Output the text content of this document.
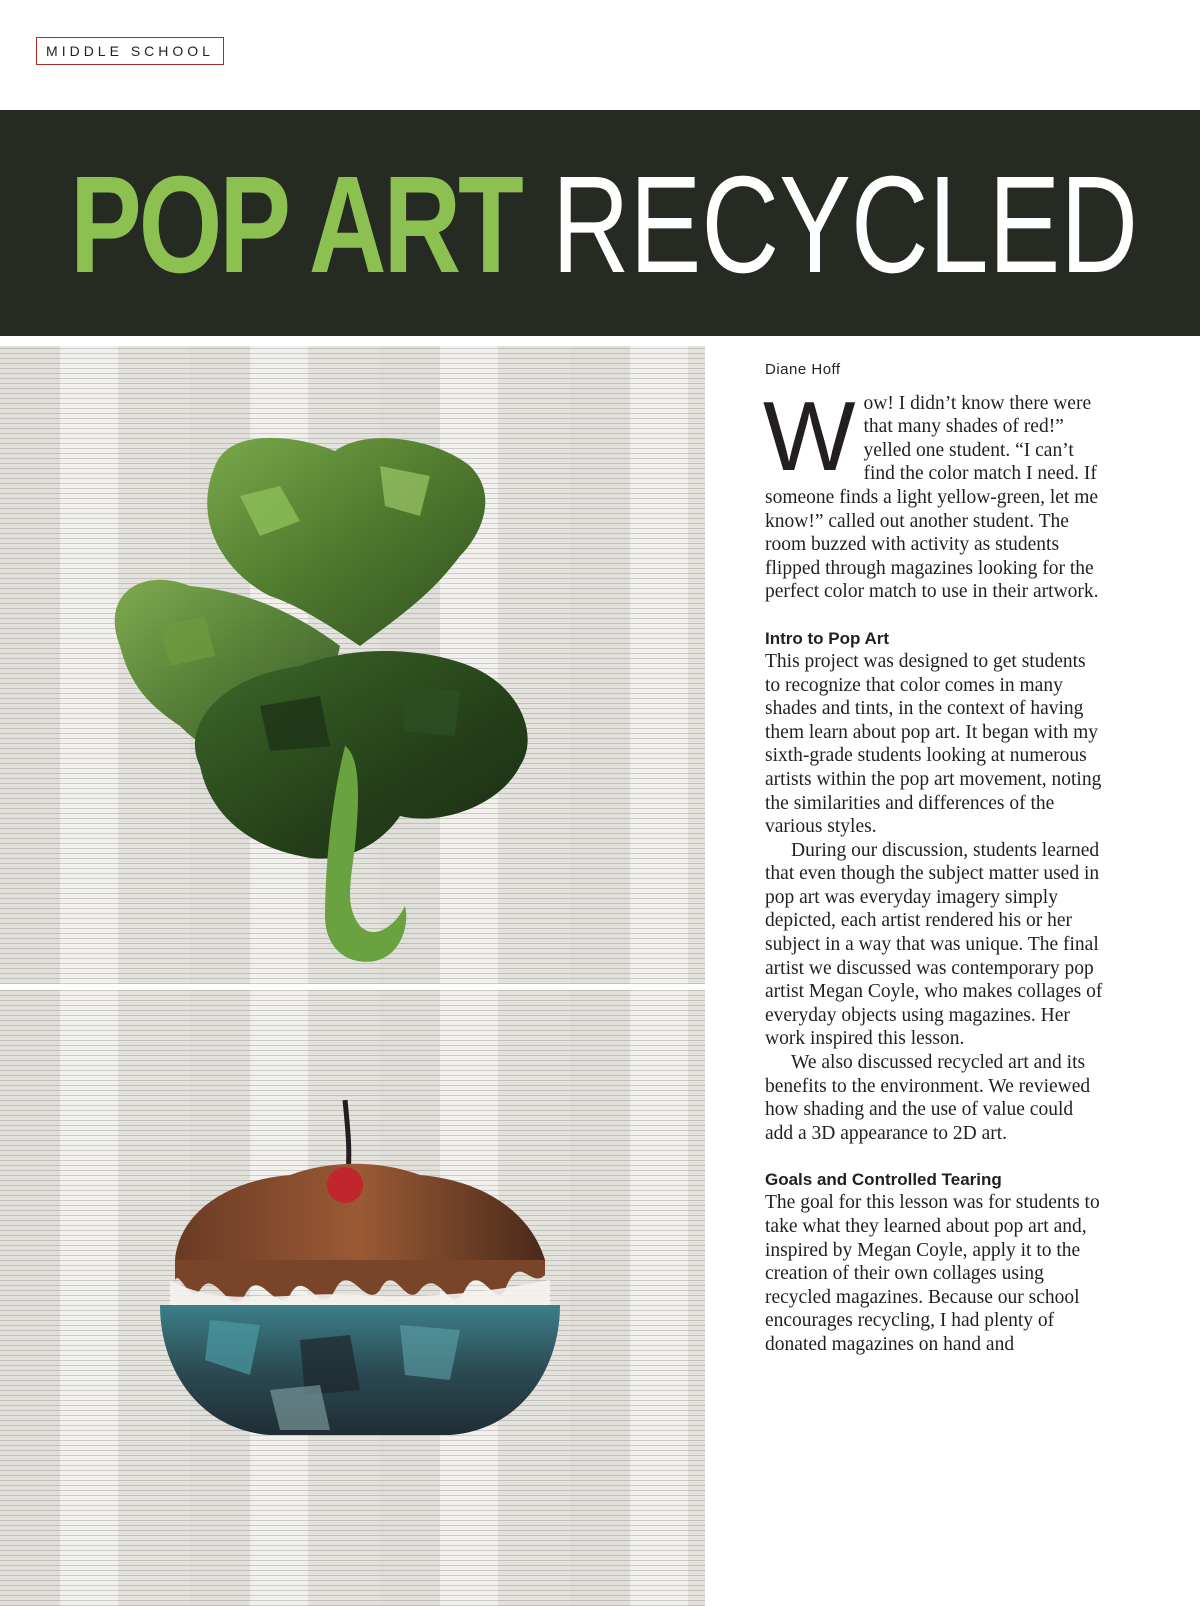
MIDDLE SCHOOL
POP ART RECYCLED
Diane Hoff

Wow! I didn’t know there were that many shades of red!” yelled one student. “I can’t find the color match I need. If someone finds a light yellow-green, let me know!” called out another student. The room buzzed with activity as students flipped through magazines looking for the perfect color match to use in their artwork.

Intro to Pop Art

This project was designed to get students to recognize that color comes in many shades and tints, in the context of having them learn about pop art. It began with my sixth-grade students looking at numerous artists within the pop art movement, noting the similarities and differences of the various styles.

During our discussion, students learned that even though the subject matter used in pop art was everyday imagery simply depicted, each artist rendered his or her subject in a way that was unique. The final artist we discussed was contemporary pop artist Megan Coyle, who makes collages of everyday objects using magazines. Her work inspired this lesson.

We also discussed recycled art and its benefits to the environment. We reviewed how shading and the use of value could add a 3D appearance to 2D art.

Goals and Controlled Tearing

The goal for this lesson was for students to take what they learned about pop art and, inspired by Megan Coyle, apply it to the creation of their own collages using recycled magazines. Because our school encourages recycling, I had plenty of donated magazines on hand and
